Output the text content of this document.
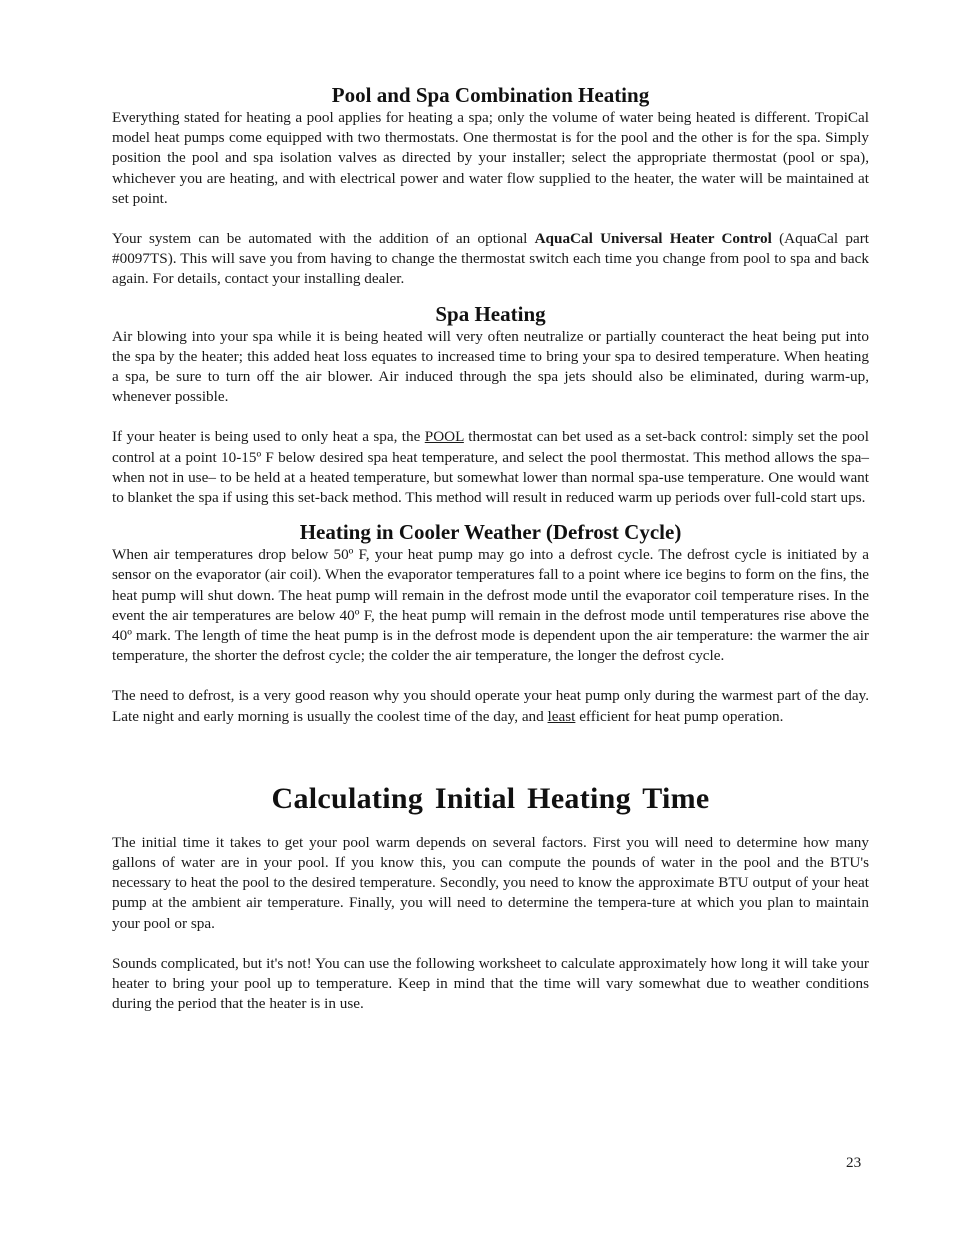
Pool and Spa Combination Heating

Everything stated for heating a pool applies for heating a spa; only the volume of water being heated is different. TropiCal model heat pumps come equipped with two thermostats. One thermostat is for the pool and the other is for the spa. Simply position the pool and spa isolation valves as directed by your installer; select the appropriate thermostat (pool or spa), whichever you are heating, and with electrical power and water flow supplied to the heater, the water will be maintained at set point.

Your system can be automated with the addition of an optional AquaCal Universal Heater Control (AquaCal part #0097TS). This will save you from having to change the thermostat switch each time you change from pool to spa and back again. For details, contact your installing dealer.

Spa Heating

Air blowing into your spa while it is being heated will very often neutralize or partially counteract the heat being put into the spa by the heater; this added heat loss equates to increased time to bring your spa to desired temperature. When heating a spa, be sure to turn off the air blower. Air induced through the spa jets should also be eliminated, during warm-up, whenever possible.

If your heater is being used to only heat a spa, the POOL thermostat can bet used as a set-back control: simply set the pool control at a point 10-15º F below desired spa heat temperature, and select the pool thermostat. This method allows the spa–when not in use– to be held at a heated temperature, but somewhat lower than normal spa-use temperature. One would want to blanket the spa if using this set-back method. This method will result in reduced warm up periods over full-cold start ups.

Heating in Cooler Weather (Defrost Cycle)

When air temperatures drop below 50º F, your heat pump may go into a defrost cycle. The defrost cycle is initiated by a sensor on the evaporator (air coil). When the evaporator temperatures fall to a point where ice begins to form on the fins, the heat pump will shut down. The heat pump will remain in the defrost mode until the evaporator coil temperature rises. In the event the air temperatures are below 40º F, the heat pump will remain in the defrost mode until temperatures rise above the 40º mark. The length of time the heat pump is in the defrost mode is dependent upon the air temperature: the warmer the air temperature, the shorter the defrost cycle; the colder the air temperature, the longer the defrost cycle.

The need to defrost, is a very good reason why you should operate your heat pump only during the warmest part of the day. Late night and early morning is usually the coolest time of the day, and least efficient for heat pump operation.

Calculating Initial Heating Time

The initial time it takes to get your pool warm depends on several factors. First you will need to determine how many gallons of water are in your pool. If you know this, you can compute the pounds of water in the pool and the BTU's necessary to heat the pool to the desired temperature. Secondly, you need to know the approximate BTU output of your heat pump at the ambient air temperature. Finally, you will need to determine the tempera-ture at which you plan to maintain your pool or spa.

Sounds complicated, but it's not! You can use the following worksheet to calculate approximately how long it will take your heater to bring your pool up to temperature. Keep in mind that the time will vary somewhat due to weather conditions during the period that the heater is in use.

23
